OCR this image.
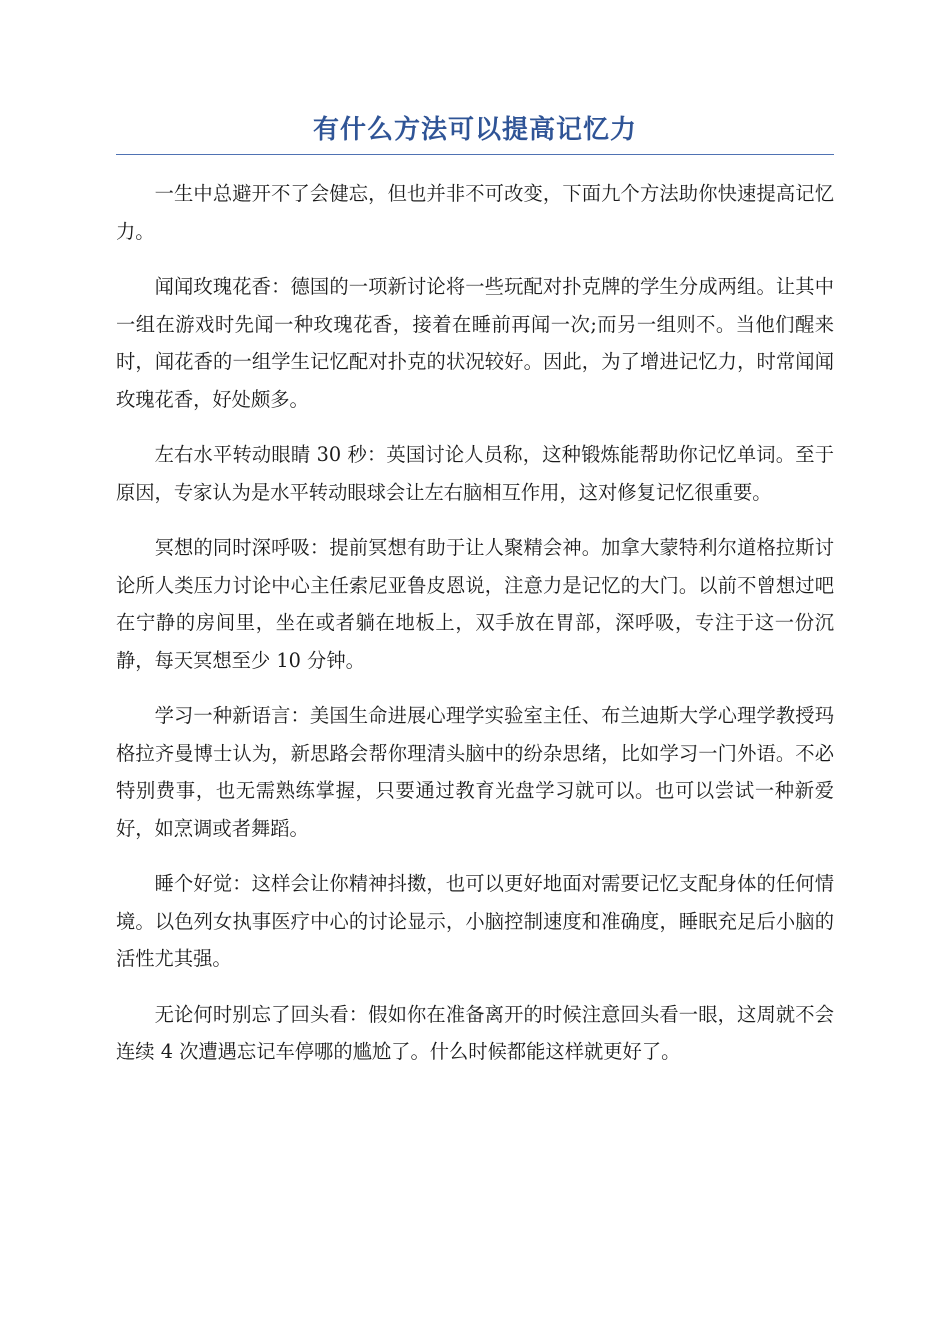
有什么方法可以提高记忆力

一生中总避开不了会健忘，但也并非不可改变，下面九个方法助你快速提高记忆力。

闻闻玫瑰花香：德国的一项新讨论将一些玩配对扑克牌的学生分成两组。让其中一组在游戏时先闻一种玫瑰花香，接着在睡前再闻一次;而另一组则不。当他们醒来时，闻花香的一组学生记忆配对扑克的状况较好。因此，为了增进记忆力，时常闻闻玫瑰花香，好处颇多。

左右水平转动眼睛 30 秒：英国讨论人员称，这种锻炼能帮助你记忆单词。至于原因，专家认为是水平转动眼球会让左右脑相互作用，这对修复记忆很重要。

冥想的同时深呼吸：提前冥想有助于让人聚精会神。加拿大蒙特利尔道格拉斯讨论所人类压力讨论中心主任索尼亚鲁皮恩说，注意力是记忆的大门。以前不曾想过吧在宁静的房间里，坐在或者躺在地板上，双手放在胃部，深呼吸，专注于这一份沉静，每天冥想至少 10 分钟。

学习一种新语言：美国生命进展心理学实验室主任、布兰迪斯大学心理学教授玛格拉齐曼博士认为，新思路会帮你理清头脑中的纷杂思绪，比如学习一门外语。不必特别费事，也无需熟练掌握，只要通过教育光盘学习就可以。也可以尝试一种新爱好，如烹调或者舞蹈。

睡个好觉：这样会让你精神抖擞，也可以更好地面对需要记忆支配身体的任何情境。以色列女执事医疗中心的讨论显示，小脑控制速度和准确度，睡眠充足后小脑的活性尤其强。

无论何时别忘了回头看：假如你在准备离开的时候注意回头看一眼，这周就不会连续 4 次遭遇忘记车停哪的尴尬了。什么时候都能这样就更好了。
